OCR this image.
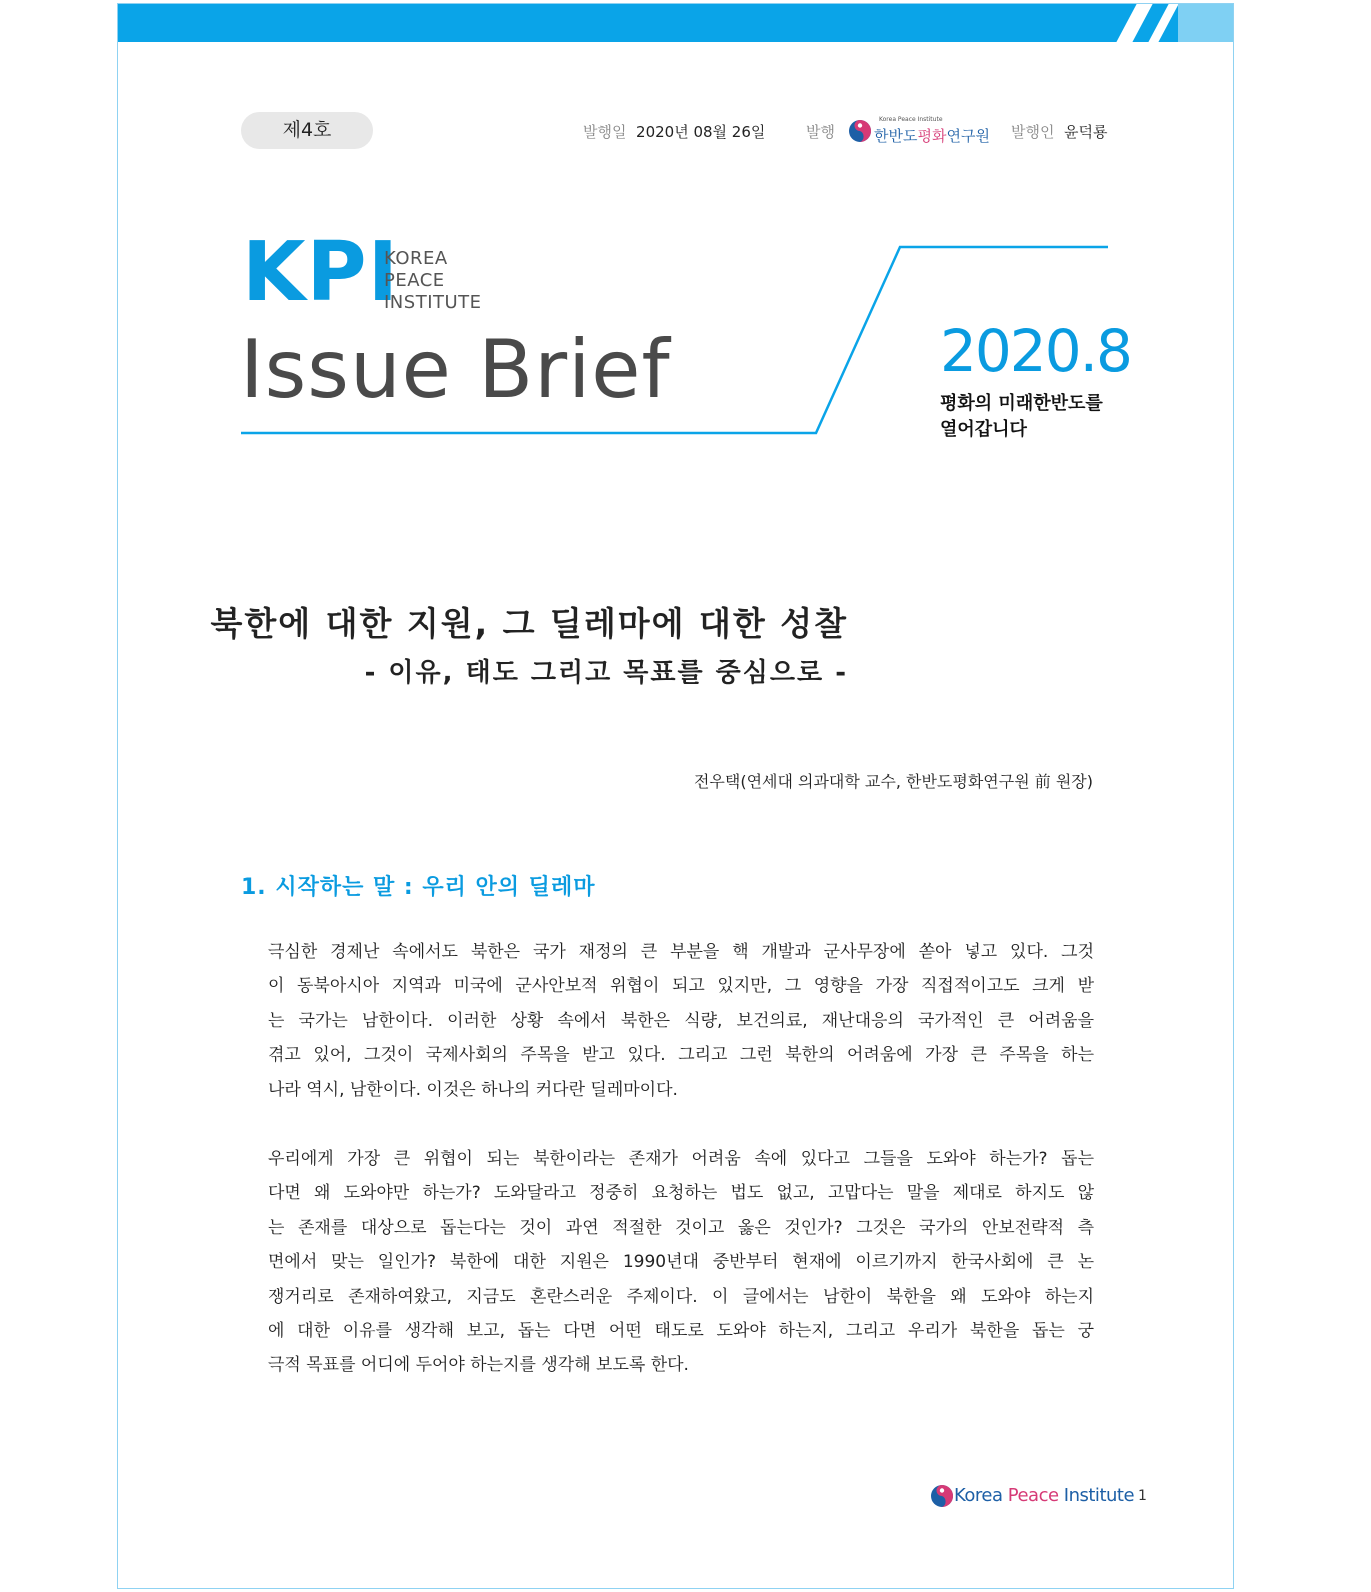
제4호	발행일 2020년 08월 26일	발행
Korea Peace Institute
한반도평화연구원 발행인 윤덕룡
KPI
KOREA
PEACE
INSTITUTE
Issue Brief	2020.8
평화의 미래한반도를
열어갑니다
북한에 대한 지원, 그 딜레마에 대한 성찰
- 이유, 태도 그리고 목표를 중심으로 -
전우택(연세대 의과대학 교수, 한반도평화연구원 前 원장)
1. 시작하는 말 : 우리 안의 딜레마
극심한 경제난 속에서도 북한은 국가 재정의 큰 부분을 핵 개발과 군사무장에 쏟아 넣고 있다. 그것
이 동북아시아 지역과 미국에 군사안보적 위협이 되고 있지만, 그 영향을 가장 직접적이고도 크게 받
는 국가는 남한이다. 이러한 상황 속에서 북한은 식량, 보건의료, 재난대응의 국가적인 큰 어려움을
겪고 있어, 그것이 국제사회의 주목을 받고 있다. 그리고 그런 북한의 어려움에 가장 큰 주목을 하는
나라 역시, 남한이다. 이것은 하나의 커다란 딜레마이다.
우리에게 가장 큰 위협이 되는 북한이라는 존재가 어려움 속에 있다고 그들을 도와야 하는가? 돕는
다면 왜 도와야만 하는가? 도와달라고 정중히 요청하는 법도 없고, 고맙다는 말을 제대로 하지도 않
는 존재를 대상으로 돕는다는 것이 과연 적절한 것이고 옳은 것인가? 그것은 국가의 안보전략적 측
면에서 맞는 일인가? 북한에 대한 지원은 1990년대 중반부터 현재에 이르기까지 한국사회에 큰 논
쟁거리로 존재하여왔고, 지금도 혼란스러운 주제이다. 이 글에서는 남한이 북한을 왜 도와야 하는지
에 대한 이유를 생각해 보고, 돕는 다면 어떤 태도로 도와야 하는지, 그리고 우리가 북한을 돕는 궁
극적 목표를 어디에 두어야 하는지를 생각해 보도록 한다.
Korea Peace Institute 1
